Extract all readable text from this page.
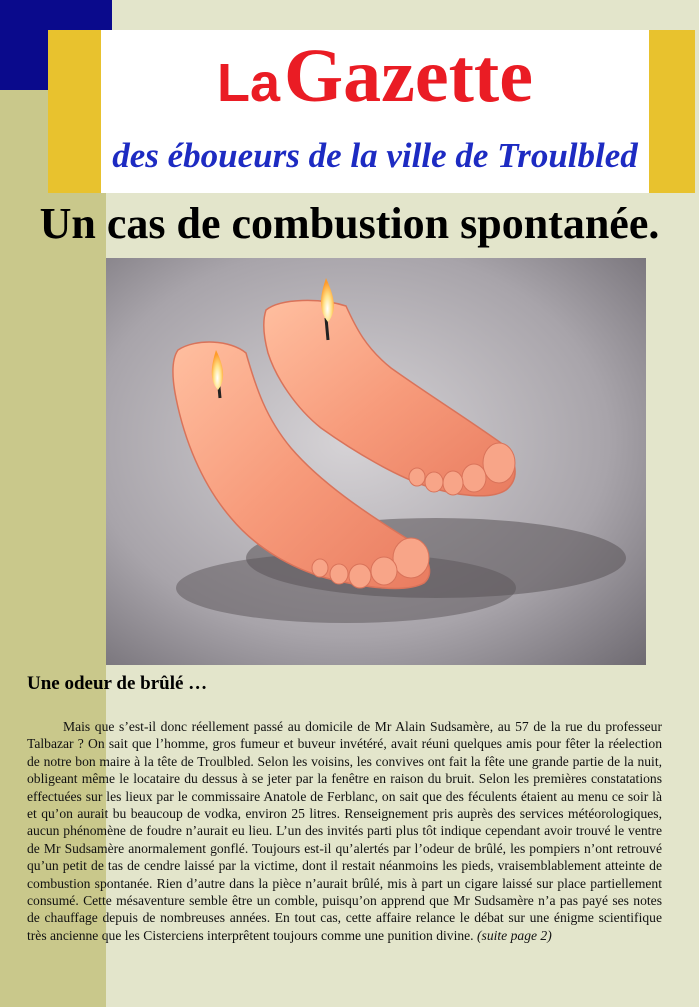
La Gazette
des éboueurs de la ville de Troulbled
Un cas de combustion spontanée.
Une odeur de brûlé …
Mais que s’est-il donc réellement passé au domicile de Mr Alain Sudsamère, au 57 de la rue du professeur Talbazar ? On sait que l’homme, gros fumeur et buveur invétéré, avait réuni quelques amis pour fêter la réelection de notre bon maire à la tête de Troulbled. Selon les voisins, les convives ont fait la fête une grande partie de la nuit, obligeant même le locataire du dessus à se jeter par la fenêtre en raison du bruit. Selon les premières constatations effectuées sur les lieux par le commissaire Anatole de Ferblanc, on sait que des féculents étaient au menu ce soir là et qu’on aurait bu beaucoup de vodka, environ 25 litres. Renseignement pris auprès des services météorologiques, aucun phénomène de foudre n’aurait eu lieu. L’un des invités parti plus tôt indique cependant avoir trouvé le ventre de Mr Sudsamère anormalement gonflé. Toujours est-il qu’alertés par l’odeur de brûlé, les pompiers n’ont retrouvé qu’un petit de tas de cendre laissé par la victime, dont il restait néanmoins les pieds, vraisemblablement atteinte de combustion spontanée. Rien d’autre dans la pièce n’aurait brûlé, mis à part un cigare laissé sur place partiellement consumé. Cette mésaventure semble être un comble, puisqu’on apprend que Mr Sudsamère n’a pas payé ses notes de chauffage depuis de nombreuses années. En tout cas, cette affaire relance le débat sur une énigme scientifique très ancienne que les Cisterciens interprêtent toujours comme une punition divine. (suite page 2)
